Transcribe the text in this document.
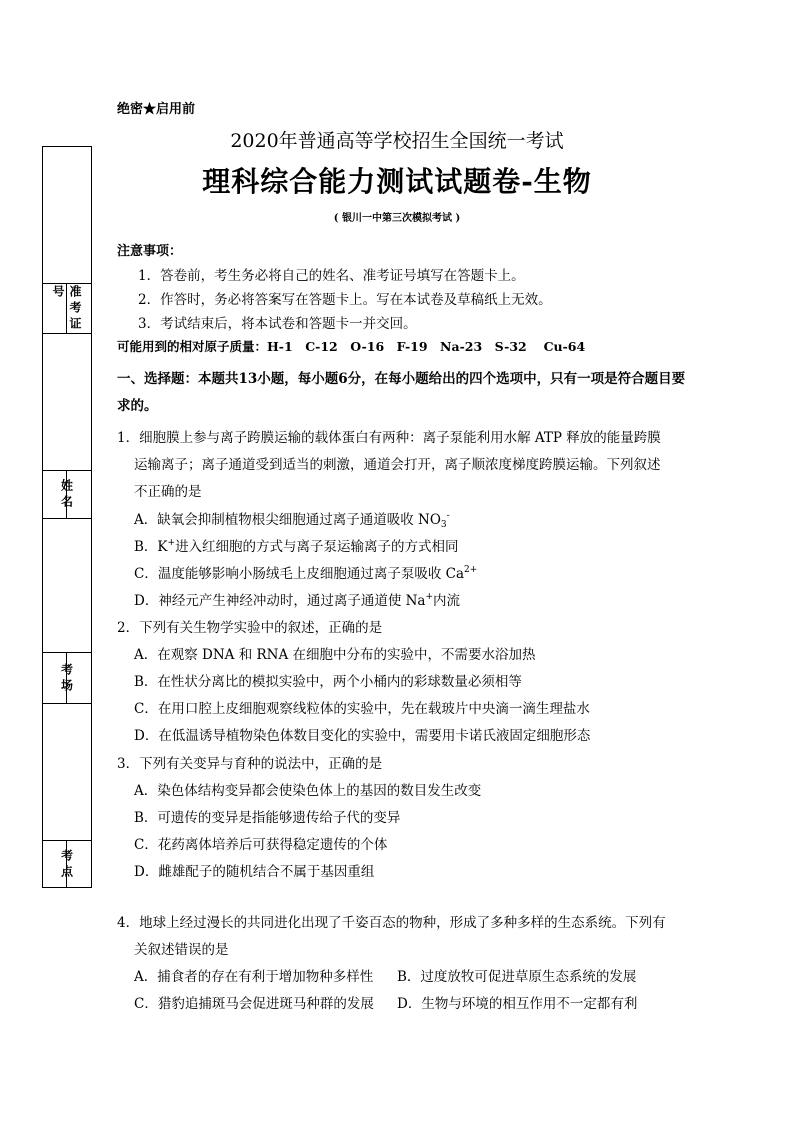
绝密★启用前
2020年普通高等学校招生全国统一考试
理科综合能力测试试题卷-生物
( 银川一中第三次模拟考试 )
准考证号
姓名
考场
考点
注意事项：
1．答卷前，考生务必将自己的姓名、准考证号填写在答题卡上。
2．作答时，务必将答案写在答题卡上。写在本试卷及草稿纸上无效。
3．考试结束后，将本试卷和答题卡一并交回。
可能用到的相对原子质量：H-1　C-12　O-16　F-19　Na-23　S-32　 Cu-64
一、选择题：本题共13小题，每小题6分，在每小题给出的四个选项中，只有一项是符合题目要求的。
1．细胞膜上参与离子跨膜运输的载体蛋白有两种：离子泵能利用水解 ATP 释放的能量跨膜
运输离子；离子通道受到适当的刺激，通道会打开，离子顺浓度梯度跨膜运输。下列叙述
不正确的是
A．缺氧会抑制植物根尖细胞通过离子通道吸收 $NO_3^-$
B．K+进入红细胞的方式与离子泵运输离子的方式相同
C．温度能够影响小肠绒毛上皮细胞通过离子泵吸收 $Ca^{2+}$
D．神经元产生神经冲动时，通过离子通道使 Na+内流
2．下列有关生物学实验中的叙述，正确的是
A．在观察 DNA 和 RNA 在细胞中分布的实验中，不需要水浴加热
B．在性状分离比的模拟实验中，两个小桶内的彩球数量必须相等
C．在用口腔上皮细胞观察线粒体的实验中，先在载玻片中央滴一滴生理盐水
D．在低温诱导植物染色体数目变化的实验中，需要用卡诺氏液固定细胞形态
3．下列有关变异与育种的说法中，正确的是
A．染色体结构变异都会使染色体上的基因的数目发生改变
B．可遗传的变异是指能够遗传给子代的变异
C．花药离体培养后可获得稳定遗传的个体
D．雌雄配子的随机结合不属于基因重组
4．地球上经过漫长的共同进化出现了千姿百态的物种，形成了多种多样的生态系统。下列有
关叙述错误的是
A．捕食者的存在有利于增加物种多样性 B．过度放牧可促进草原生态系统的发展
C．猎豹追捕斑马会促进斑马种群的发展 D．生物与环境的相互作用不一定都有利
